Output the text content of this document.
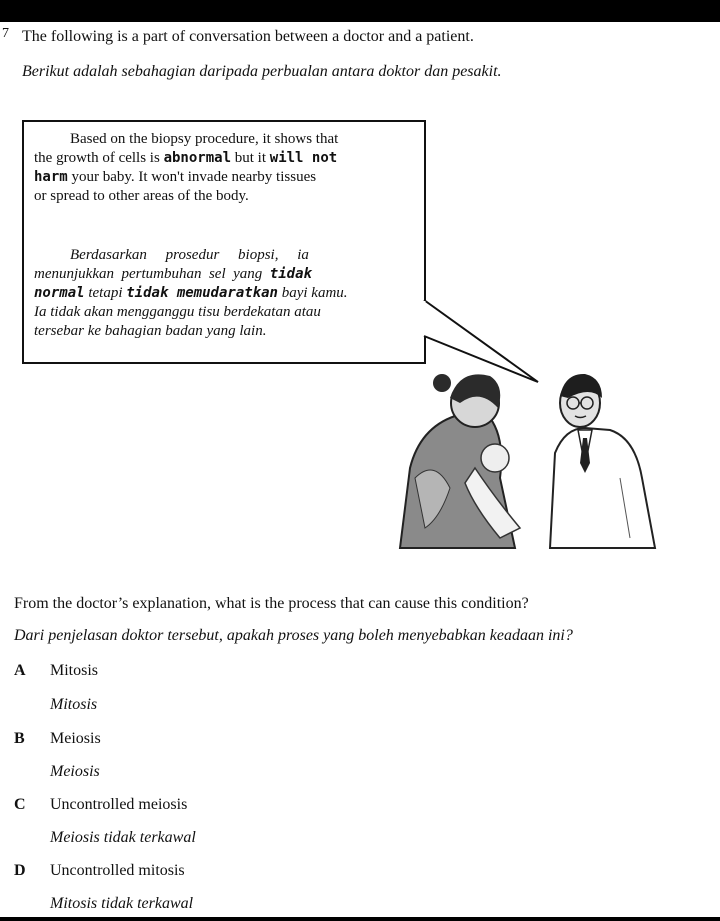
7 The following is a part of conversation between a doctor and a patient.
Berikut adalah sebahagian daripada perbualan antara doktor dan pesakit.
Based on the biopsy procedure, it shows that
the growth of cells is abnormal but it will not
harm your baby. It won't invade nearby tissues
or spread to other areas of the body.
Berdasarkan     prosedur     biopsi,     ia
menunjukkan  pertumbuhan  sel  yang  tidak
normal tetapi tidak memudaratkan bayi kamu.
Ia tidak akan mengganggu tisu berdekatan atau
tersebar ke bahagian badan yang lain.
From the doctor’s explanation, what is the process that can cause this condition?
Dari penjelasan doktor tersebut, apakah proses yang boleh menyebabkan keadaan ini?
A Mitosis
Mitosis
B Meiosis
Meiosis
C Uncontrolled meiosis
Meiosis tidak terkawal
D Uncontrolled mitosis
Mitosis tidak terkawal
